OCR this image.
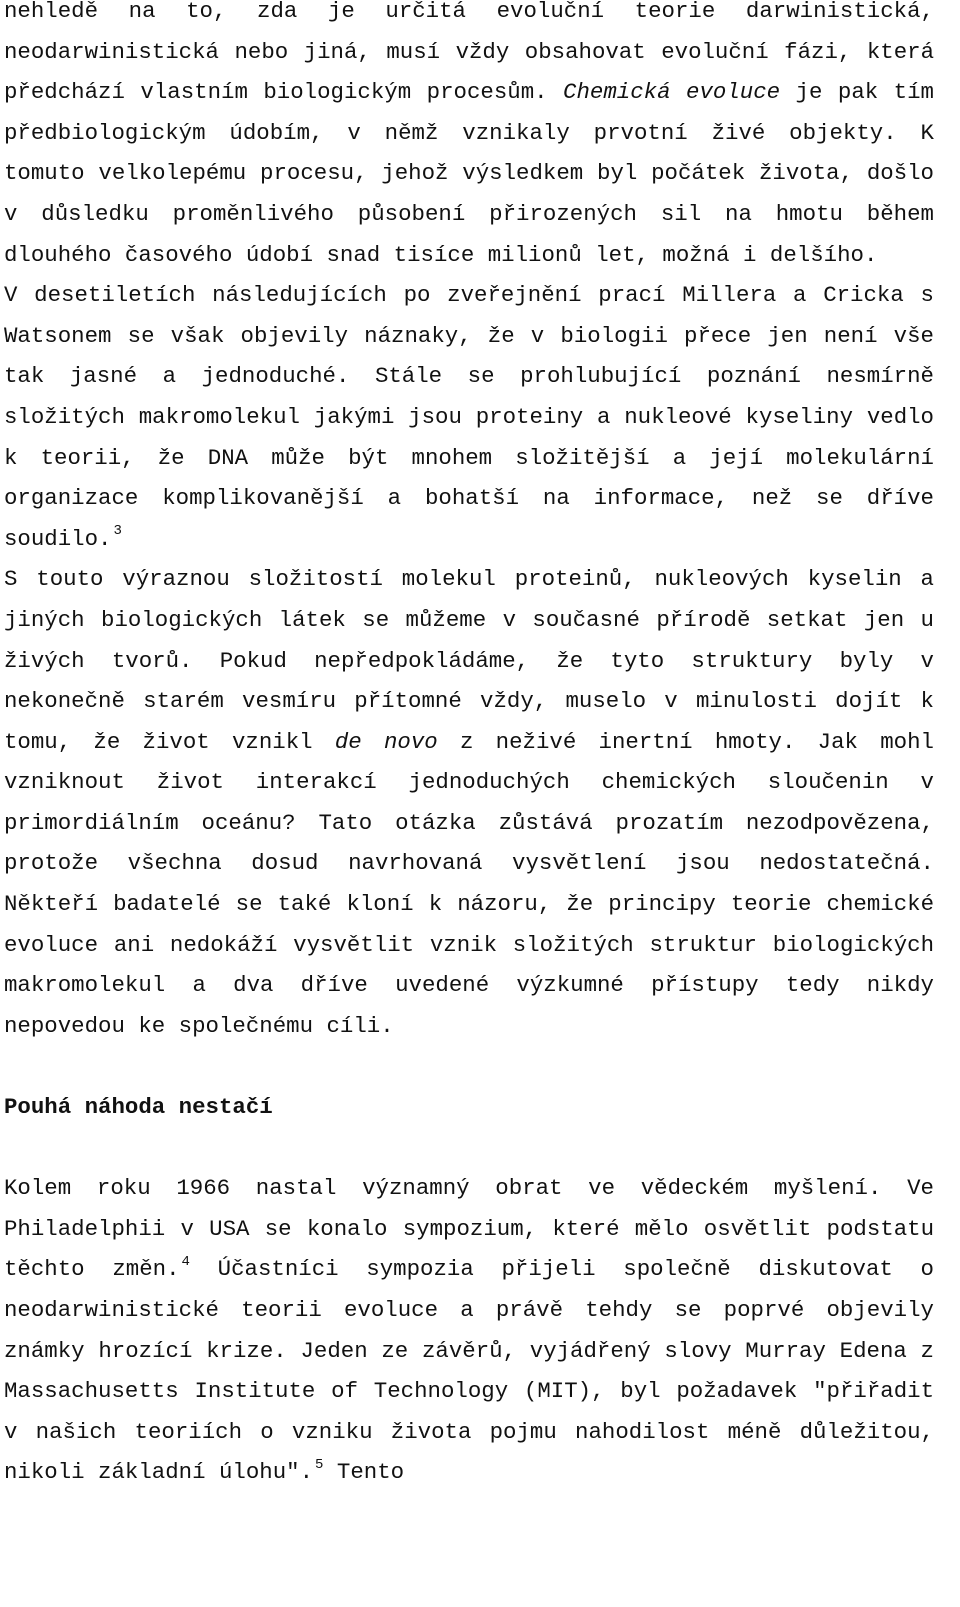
nehledě na to, zda je určitá evoluční teorie darwinistická, neodarwinistická nebo jiná, musí vždy obsahovat evoluční fázi, která předchází vlastním biologickým procesům. Chemická evoluce je pak tím předbiologickým údobím, v němž vznikaly prvotní živé objekty. K tomuto velkolepému procesu, jehož výsledkem byl počátek života, došlo v důsledku proměnlivého působení přirozených sil na hmotu během dlouhého časového údobí snad tisíce milionů let, možná i delšího.

V desetiletích následujících po zveřejnění prací Millera a Cricka s Watsonem se však objevily náznaky, že v biologii přece jen není vše tak jasné a jednoduché. Stále se prohlubující poznání nesmírně složitých makromolekul jakými jsou proteiny a nukleové kyseliny vedlo k teorii, že DNA může být mnohem složitější a její molekulární organizace komplikovanější a bohatší na informace, než se dříve soudilo. $^3$

S touto výraznou složitostí molekul proteinů, nukleových kyselin a jiných biologických látek se můžeme v současné přírodě setkat jen u živých tvorů. Pokud nepředpokládáme, že tyto struktury byly v nekonečně starém vesmíru přítomné vždy, muselo v minulosti dojít k tomu, že život vznikl de novo z neživé inertní hmoty. Jak mohl vzniknout život interakcí jednoduchých chemických sloučenin v primordiálním oceánu? Tato otázka zůstává prozatím nezodpovězena, protože všechna dosud navrhovaná vysvětlení jsou nedostatečná. Někteří badatelé se také kloní k názoru, že principy teorie chemické evoluce ani nedokáží vysvětlit vznik složitých struktur biologických makromolekul a dva dříve uvedené výzkumné přístupy tedy nikdy nepovedou ke společnému cíli.

Pouhá náhoda nestačí

Kolem roku 1966 nastal významný obrat ve vědeckém myšlení. Ve Philadelphii v USA se konalo sympozium, které mělo osvětlit podstatu těchto změn. $^4$ Účastníci sympozia přijeli společně diskutovat o neodarwinistické teorii evoluce a právě tehdy se poprvé objevily známky hrozící krize. Jeden ze závěrů, vyjádřený slovy Murray Edena z Massachusetts Institute of Technology (MIT), byl požadavek "přiřadit v našich teoriích o vzniku života pojmu nahodilost méně důležitou, nikoli základní úlohu". $^5$ Tento
